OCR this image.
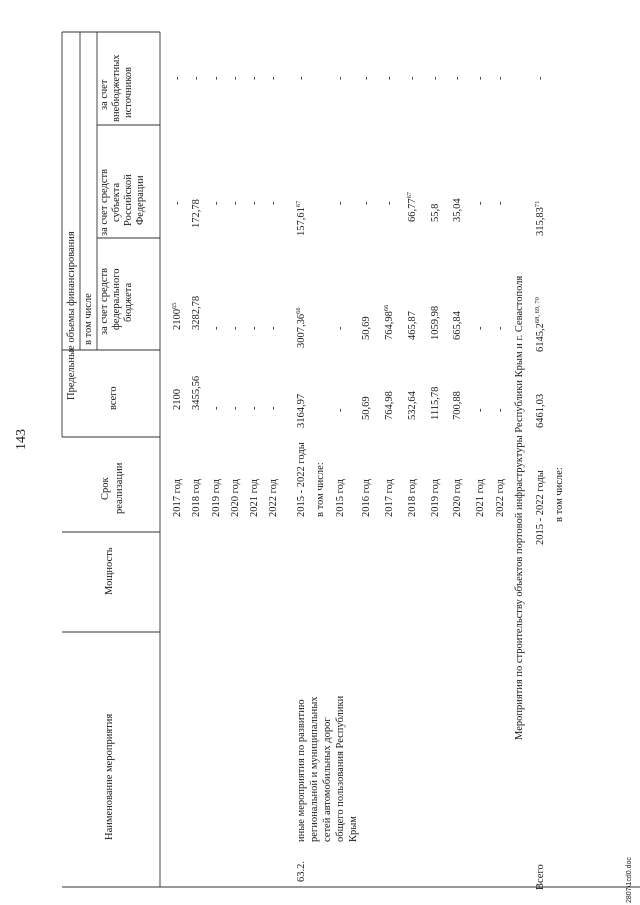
143
Наименование мероприятия
Мощность
Срок реализации
всего
Предельные объемы финансирования в том числе за счет средств федерального бюджета
за счет средств субъекта Российской Федерации
за счет внебюджетных источников
2017 год
2100
2100$^{65}$
-
-
2018 год
3455,56
3282,78
172,78
-
2019 год
-
-
-
-
2020 год
-
-
-
-
2021 год
-
-
-
-
2022 год
-
-
-
-
63.2.
иные мероприятия по развитию региональной и муниципальных сетей автомобильных дорог общего пользования Республики Крым
2015 - 2022 годы
3164,97
3007,36$^{66}$
157,61$^{67}$
-
в том числе: 2015 год
-
-
-
-
2016 год
50,69
50,69
-
-
2017 год
764,98
764,98$^{66}$
-
-
2018 год
532,64
465,87
66,77$^{67}$
-
2019 год
1115,78
1059,98
55,8
-
2020 год
700,88
665,84
35,04
-
2021 год
-
-
-
-
2022 год
-
-
-
-
Мероприятия по строительству объектов портовой инфраструктуры Республики Крым и г. Севастополя
Всего
2015 - 2022 годы
6461,03
6145,2$^{68, 69, 70}$
315,83$^{71}$
-
в том числе:
2807\1cd0.doc
